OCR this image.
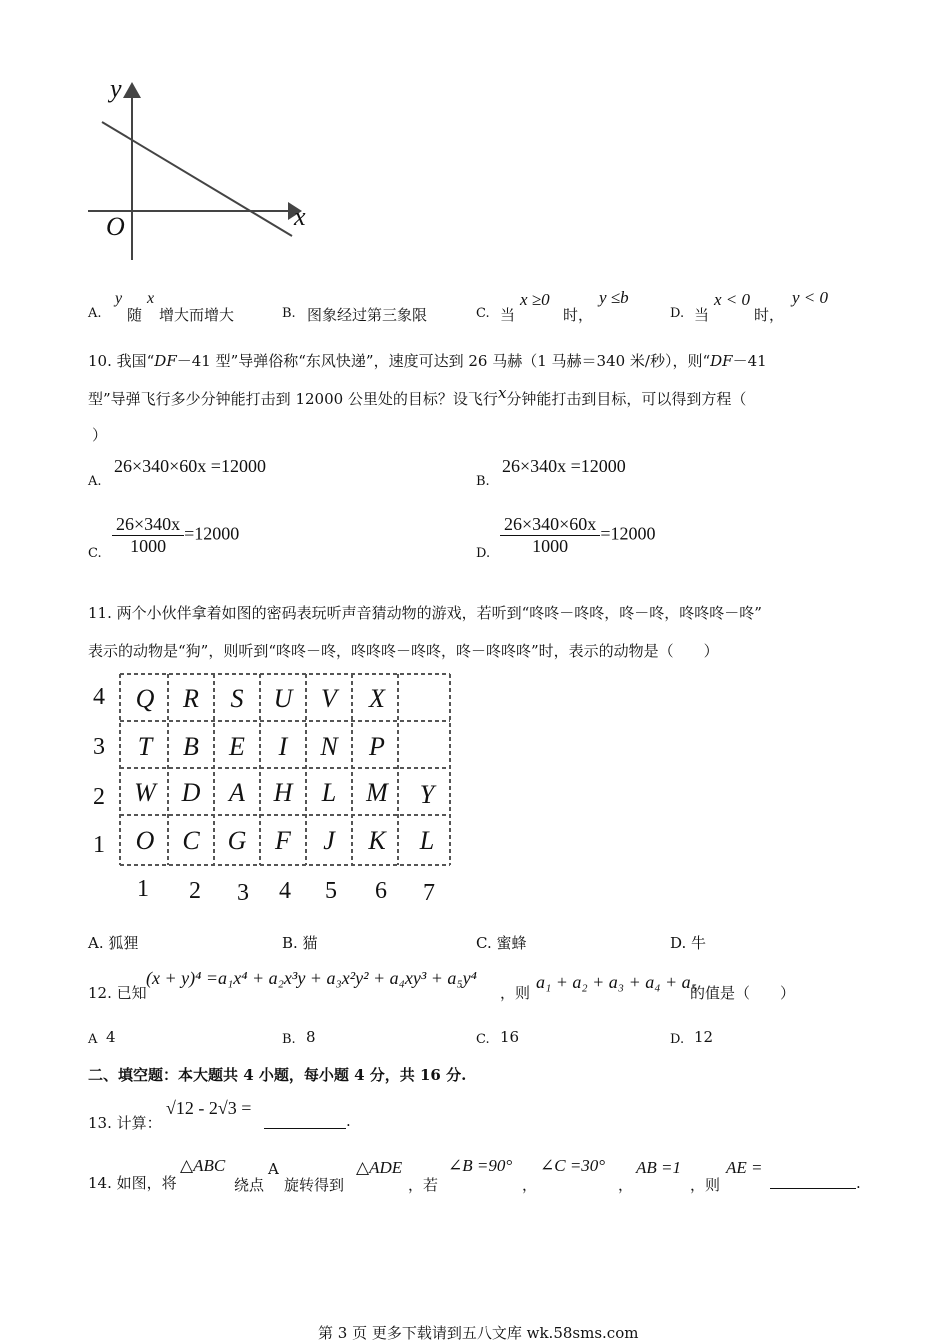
y
x
O
A.
y
随
x
增大而增大	B. 图象经过第三象限	C. 当
x ≥0
时，
y ≤b
D. 当
x < 0
时，
y < 0
10. 我国“DF－41 型”导弹俗称“东风快递”，速度可达到 26 马赫（1 马赫＝340 米/秒），则“DF－41
型”导弹飞行多少分钟能打击到 12000 公里处的目标？设飞行x分钟能打击到目标，可以得到方程（
）
A.
26×340×60x =12000
B.
26×340x =12000
C. $\frac{26\times 340x}{1000} =12000$
D. $\frac{26\times 340\times 60x}{1000} =12000$
11. 两个小伙伴拿着如图的密码表玩听声音猜动物的游戏，若听到“咚咚－咚咚，咚－咚，咚咚咚－咚”
表示的动物是“狗”，则听到“咚咚－咚，咚咚咚－咚咚，咚－咚咚咚”时，表示的动物是（　　）
4
3
2
1
Q	R	S	U	V	X
T	B	E	I	N	P
W D	A	H	L	M	Y
O	C	G	F	J	K	L
1	2	3	4	5	6	7
A. 狐狸	B. 猫	C. 蜜蜂	D. 牛
12. 已知
(x + y)⁴ =a₁x⁴ + a₂x³y + a₃x²y² + a₄xy³ + a₅y⁴
，则
a₁ + a₂ + a₃ + a₄ + a₅
的值是（　　）
A 4	B. 8	C. 16	D. 12
二、填空题：本大题共 4 小题，每小题 4 分，共 16 分.
13. 计算：
√12 - 2√3 =
.
14. 如图，将
△ABC
绕点
A
旋转得到
△ADE
，若
∠B =90°
，
∠C =30°
，
AB =1
，则
AE =
.
第 3 页 更多下载请到五八文库 wk.58sms.com
